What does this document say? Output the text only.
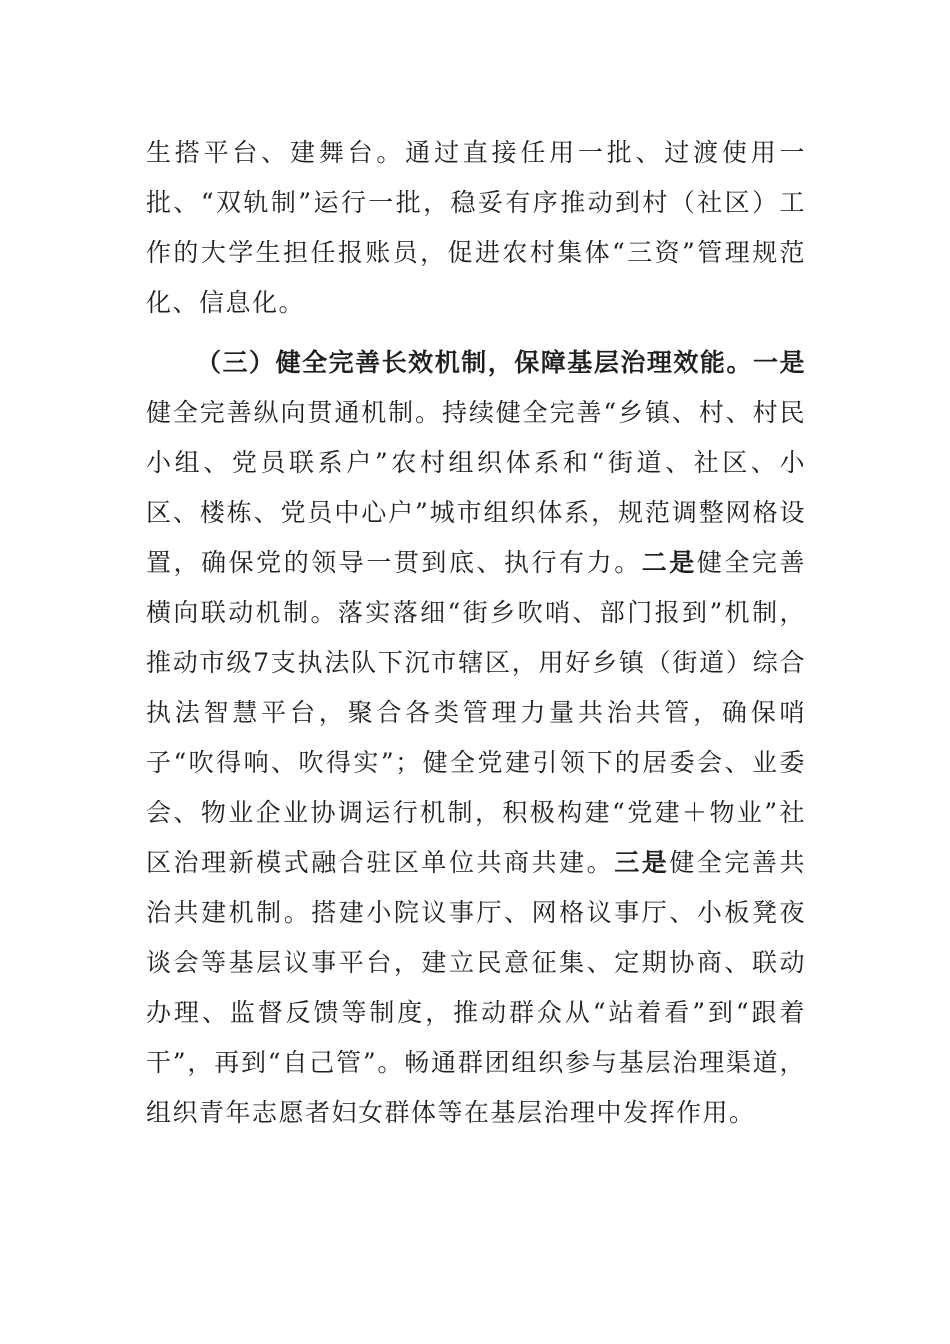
生搭平台、建舞台。通过直接任用一批、过渡使用一批、“双轨制”运行一批，稳妥有序推动到村（社区）工作的大学生担任报账员，促进农村集体“三资”管理规范化、信息化。

（三）健全完善长效机制，保障基层治理效能。一是健全完善纵向贯通机制。持续健全完善“乡镇、村、村民小组、党员联系户”农村组织体系和“街道、社区、小区、楼栋、党员中心户”城市组织体系，规范调整网格设置，确保党的领导一贯到底、执行有力。二是健全完善横向联动机制。落实落细“街乡吹哨、部门报到”机制，推动市级7支执法队下沉市辖区，用好乡镇（街道）综合执法智慧平台，聚合各类管理力量共治共管，确保哨子“吹得响、吹得实”；健全党建引领下的居委会、业委会、物业企业协调运行机制，积极构建“党建＋物业”社区治理新模式融合驻区单位共商共建。三是健全完善共治共建机制。搭建小院议事厅、网格议事厅、小板凳夜谈会等基层议事平台，建立民意征集、定期协商、联动办理、监督反馈等制度，推动群众从“站着看”到“跟着干”，再到“自己管”。畅通群团组织参与基层治理渠道，组织青年志愿者妇女群体等在基层治理中发挥作用。
